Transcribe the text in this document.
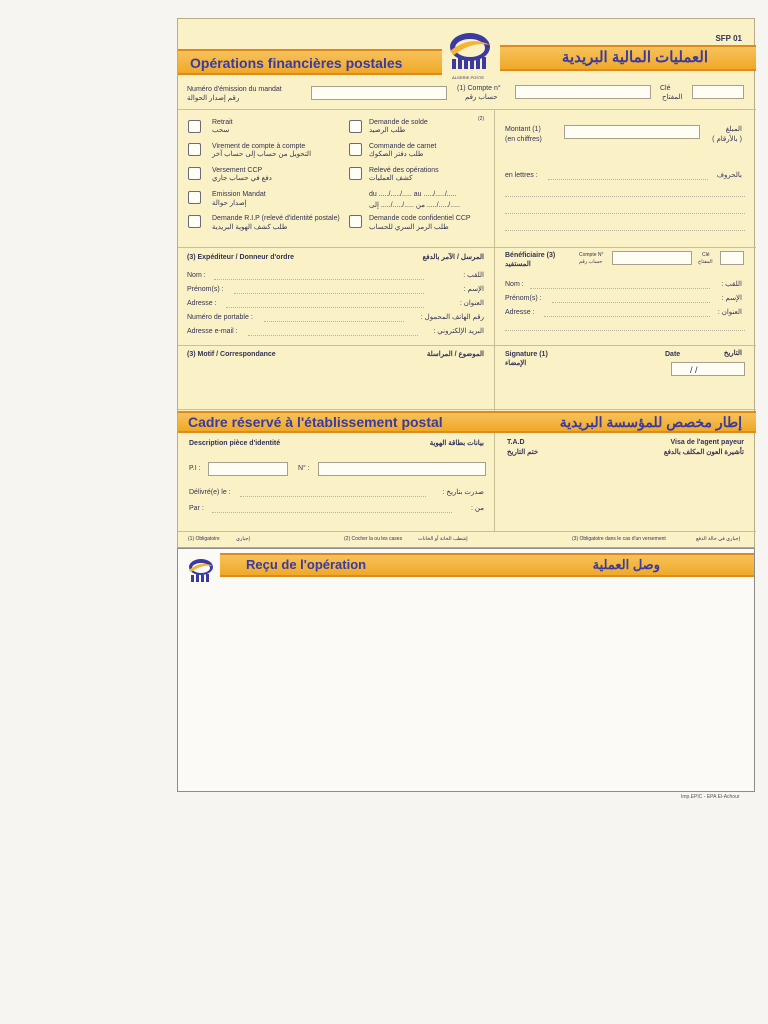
SFP 01
Opérations financières postales	العمليات المالية البريدية
ALGERIE POSTE
Numéro d'émission du mandat
رقم إصدار الحوالة
(1) Compte n°
حساب رقم
Clé
المفتاح
(2)
Retrait
سحب
Virement de compte à compte
التحويل من حساب إلى حساب آخر
Versement CCP
دفع في حساب جاري
Emission Mandat
إصدار حوالة
Demande R.I.P (relevé d'identité postale)
طلب كشف الهوية البريدية
Demande de solde
طلب الرصيد
Commande de carnet
طلب دفتر الصكوك
Relevé des opérations
كشف العمليات
du ...../...../..... au ...../...../.....
من ...../...../..... إلى ...../...../.....
Demande code confidentiel CCP
طلب الرمز السري للحساب
Montant (1)
(en chiffres)
المبلغ
( بالأرقام )
en lettres :	بالحروف
(3) Expéditeur / Donneur d'ordre	المرسل / الآمر بالدفع
Nom :	اللقب :
Prénom(s) :	الإسم :
Adresse :	العنوان :
Numéro de portable :	رقم الهاتف المحمول :
Adresse e-mail :	البريد الإلكتروني :
Bénéficiaire (3)
المستفيد
Compte N°
حساب رقم
Clé
المفتاح
Nom :	اللقب :
Prénom(s) :	الإسم :
Adresse :	العنوان :
(3) Motif / Correspondance	الموضوع / المراسلة	Signature (1)
الإمضاء
Date	التاريخ
/ /
Cadre réservé à l'établissement postal	إطار مخصص للمؤسسة البريدية
Description pièce d'identité	بيانات بطاقة الهوية
P.I :	N° :
Délivré(e) le :	صدرت بتاريخ :
Par :	من :
T.A.D
ختم التاريخ
Visa de l'agent payeur
تأشيرة العون المكلف بالدفع
(1) Obligatoire	إجباري	(2) Cocher la ou les cases	إشطب الخانة أو الخانات	(3) Obligatoire dans le cas d'un versement	إجباري في حالة الدفع
Reçu de l'opération	وصل العملية
Imp.EPIC - EPA El-Achour
